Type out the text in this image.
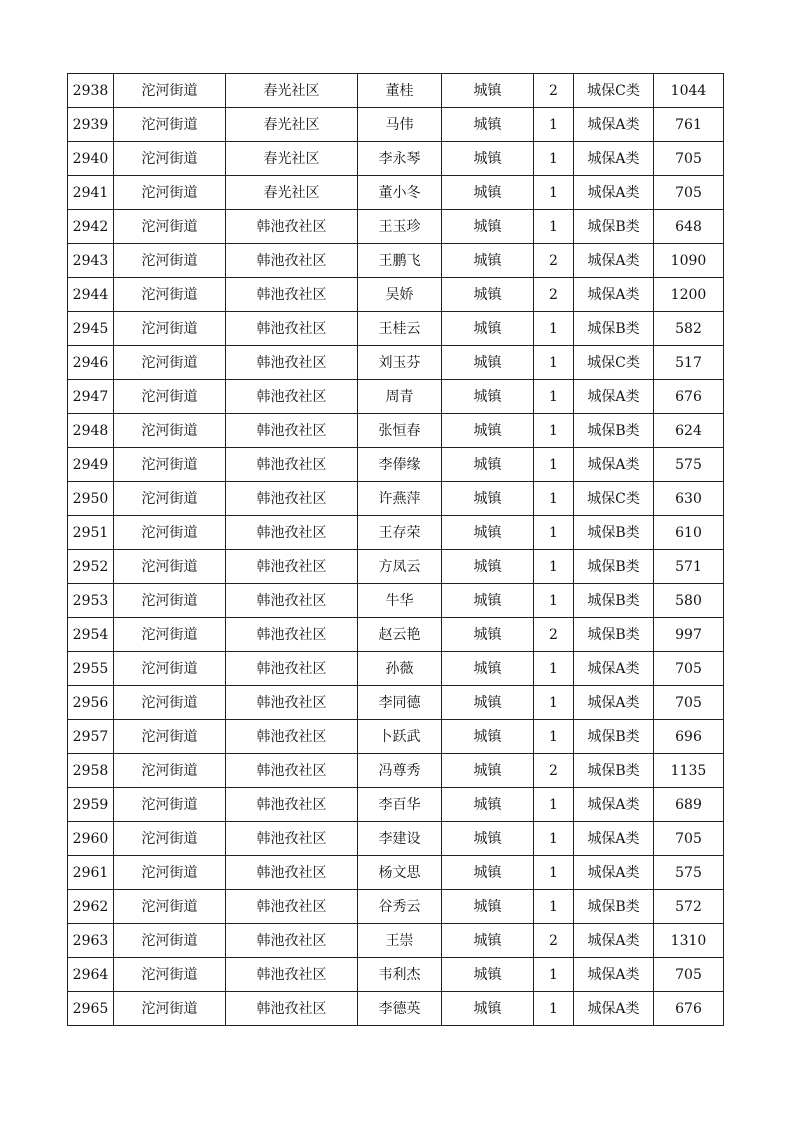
2938	沱河街道	春光社区	董桂	城镇	2	城保C类	1044
2939	沱河街道	春光社区	马伟	城镇	1	城保A类	761
2940	沱河街道	春光社区	李永琴	城镇	1	城保A类	705
2941	沱河街道	春光社区	董小冬	城镇	1	城保A类	705
2942	沱河街道	韩池孜社区	王玉珍	城镇	1	城保B类	648
2943	沱河街道	韩池孜社区	王鹏飞	城镇	2	城保A类	1090
2944	沱河街道	韩池孜社区	吴娇	城镇	2	城保A类	1200
2945	沱河街道	韩池孜社区	王桂云	城镇	1	城保B类	582
2946	沱河街道	韩池孜社区	刘玉芬	城镇	1	城保C类	517
2947	沱河街道	韩池孜社区	周青	城镇	1	城保A类	676
2948	沱河街道	韩池孜社区	张恒春	城镇	1	城保B类	624
2949	沱河街道	韩池孜社区	李俸缘	城镇	1	城保A类	575
2950	沱河街道	韩池孜社区	许燕萍	城镇	1	城保C类	630
2951	沱河街道	韩池孜社区	王存荣	城镇	1	城保B类	610
2952	沱河街道	韩池孜社区	方凤云	城镇	1	城保B类	571
2953	沱河街道	韩池孜社区	牛华	城镇	1	城保B类	580
2954	沱河街道	韩池孜社区	赵云艳	城镇	2	城保B类	997
2955	沱河街道	韩池孜社区	孙薇	城镇	1	城保A类	705
2956	沱河街道	韩池孜社区	李同德	城镇	1	城保A类	705
2957	沱河街道	韩池孜社区	卜跃武	城镇	1	城保B类	696
2958	沱河街道	韩池孜社区	冯尊秀	城镇	2	城保B类	1135
2959	沱河街道	韩池孜社区	李百华	城镇	1	城保A类	689
2960	沱河街道	韩池孜社区	李建设	城镇	1	城保A类	705
2961	沱河街道	韩池孜社区	杨文思	城镇	1	城保A类	575
2962	沱河街道	韩池孜社区	谷秀云	城镇	1	城保B类	572
2963	沱河街道	韩池孜社区	王崇	城镇	2	城保A类	1310
2964	沱河街道	韩池孜社区	韦利杰	城镇	1	城保A类	705
2965	沱河街道	韩池孜社区	李德英	城镇	1	城保A类	676
